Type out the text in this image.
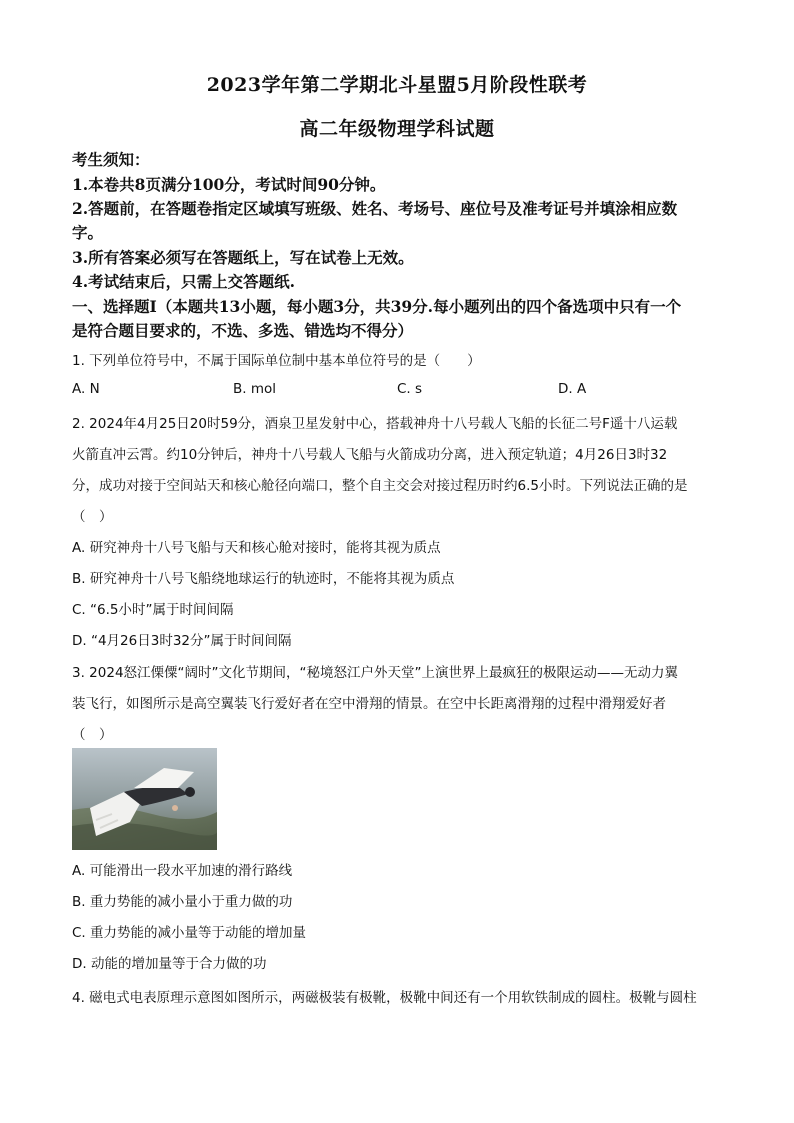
2023学年第二学期北斗星盟5月阶段性联考
高二年级物理学科试题
考生须知：
1.本卷共8页满分100分，考试时间90分钟。
2.答题前，在答题卷指定区域填写班级、姓名、考场号、座位号及准考证号并填涂相应数
字。
3.所有答案必须写在答题纸上，写在试卷上无效。
4.考试结束后，只需上交答题纸.
一、选择题Ⅰ（本题共13小题，每小题3分，共39分.每小题列出的四个备选项中只有一个
是符合题目要求的，不选、多选、错选均不得分）
1. 下列单位符号中，不属于国际单位制中基本单位符号的是（　　）
A. N	B. mol	C. s	D. A
2. 2024年4月25日20时59分，酒泉卫星发射中心，搭载神舟十八号载人飞船的长征二号F遥十八运载
火箭直冲云霄。约10分钟后，神舟十八号载人飞船与火箭成功分离，进入预定轨道；4月26日3时32
分，成功对接于空间站天和核心舱径向端口，整个自主交会对接过程历时约6.5小时。下列说法正确的是
（　）
A. 研究神舟十八号飞船与天和核心舱对接时，能将其视为质点
B. 研究神舟十八号飞船绕地球运行的轨迹时，不能将其视为质点
C. “6.5小时”属于时间间隔
D. “4月26日3时32分”属于时间间隔
3. 2024怒江傈僳“阔时”文化节期间，“秘境怒江户外天堂”上演世界上最疯狂的极限运动——无动力翼
装飞行，如图所示是高空翼装飞行爱好者在空中滑翔的情景。在空中长距离滑翔的过程中滑翔爱好者
（　）
A. 可能滑出一段水平加速的滑行路线
B. 重力势能的减小量小于重力做的功
C. 重力势能的减小量等于动能的增加量
D. 动能的增加量等于合力做的功
4. 磁电式电表原理示意图如图所示，两磁极装有极靴，极靴中间还有一个用软铁制成的圆柱。极靴与圆柱
